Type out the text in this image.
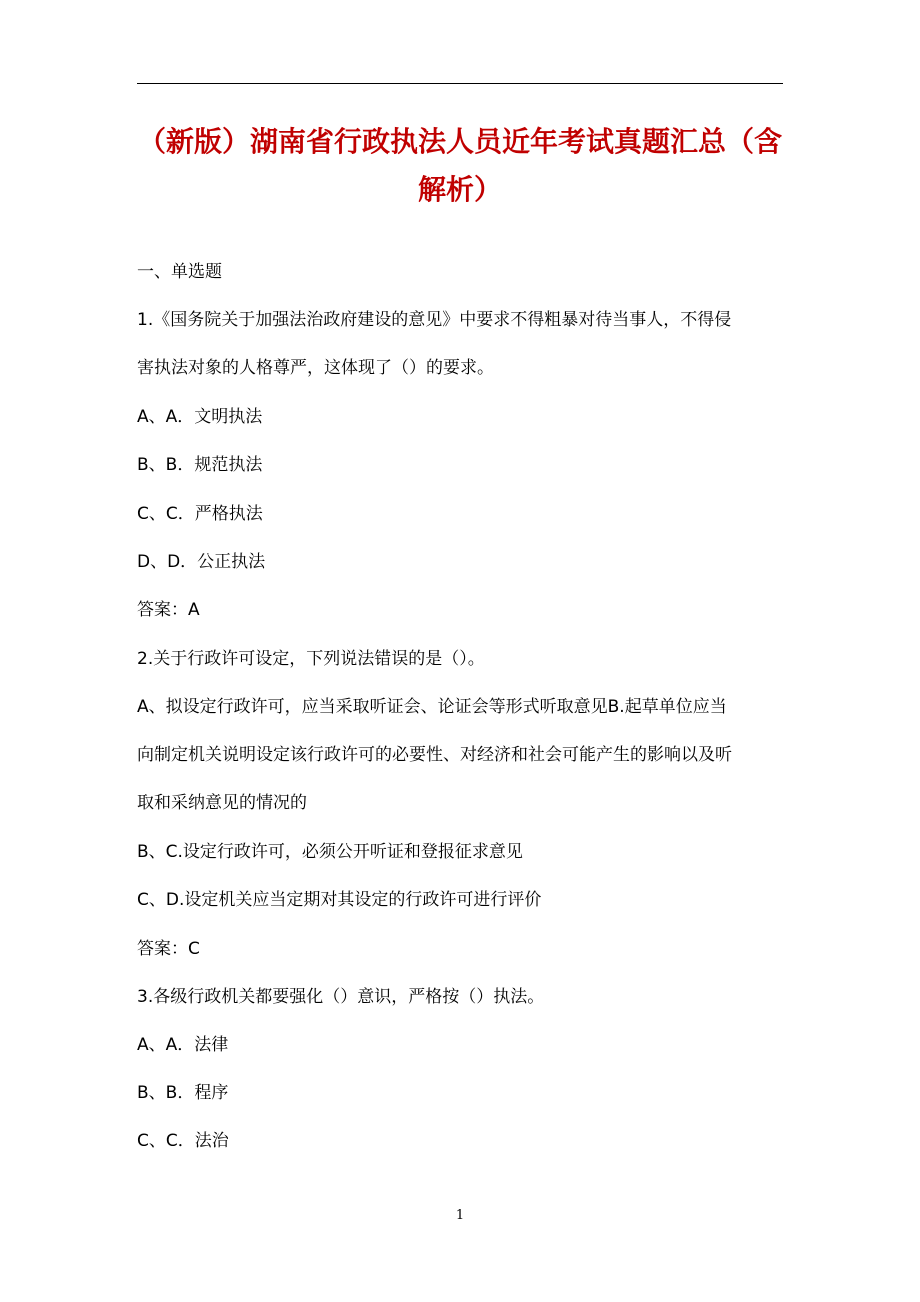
（新版）湖南省行政执法人员近年考试真题汇总（含
解析）
一、单选题
1.《国务院关于加强法治政府建设的意见》中要求不得粗暴对待当事人，不得侵
害执法对象的人格尊严，这体现了（）的要求。
A、A．文明执法
B、B．规范执法
C、C．严格执法
D、D．公正执法
答案：A
2.关于行政许可设定，下列说法错误的是（）。
A、拟设定行政许可，应当采取听证会、论证会等形式听取意见B.起草单位应当
向制定机关说明设定该行政许可的必要性、对经济和社会可能产生的影响以及听
取和采纳意见的情况的
B、C.设定行政许可，必须公开听证和登报征求意见
C、D.设定机关应当定期对其设定的行政许可进行评价
答案：C
3.各级行政机关都要强化（）意识，严格按（）执法。
A、A．法律
B、B．程序
C、C．法治
1
